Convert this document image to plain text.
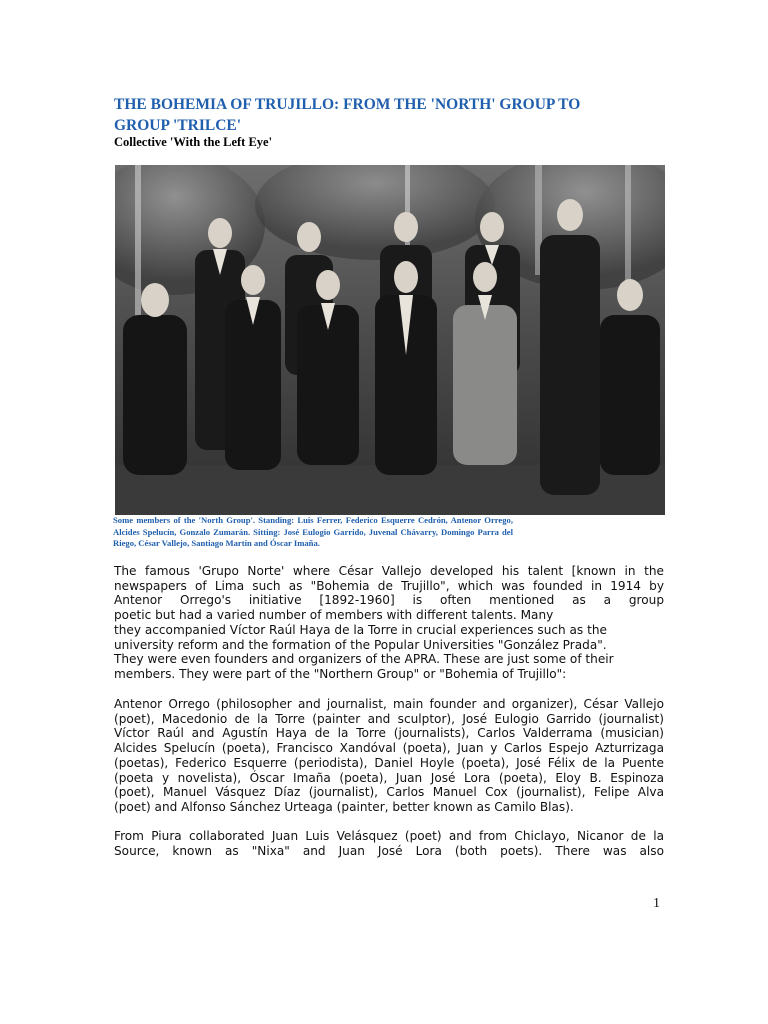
THE BOHEMIA OF TRUJILLO: FROM THE 'NORTH' GROUP TO GROUP 'TRILCE'
Collective 'With the Left Eye'
Some members of the 'North Group'. Standing: Luis Ferrer, Federico Esquerre Cedrón, Antenor Orrego, Alcides Spelucín, Gonzalo Zumarán. Sitting: José Eulogio Garrido, Juvenal Chávarry, Domingo Parra del Riego, César Vallejo, Santiago Martín and Óscar Imaña.
The famous 'Grupo Norte' where César Vallejo developed his talent [known in the
newspapers of Lima such as "Bohemia de Trujillo", which was founded in 1914 by
Antenor Orrego's initiative [1892-1960] is often mentioned as a group
poetic but had a varied number of members with different talents. Many
they accompanied Víctor Raúl Haya de la Torre in crucial experiences such as the
university reform and the formation of the Popular Universities "González Prada".
They were even founders and organizers of the APRA. These are just some of their
members. They were part of the "Northern Group" or "Bohemia of Trujillo":
Antenor Orrego (philosopher and journalist, main founder and organizer), César Vallejo
(poet), Macedonio de la Torre (painter and sculptor), José Eulogio Garrido (journalist)
Víctor Raúl and Agustín Haya de la Torre (journalists), Carlos Valderrama (musician)
Alcides Spelucín (poeta), Francisco Xandóval (poeta), Juan y Carlos Espejo Azturrizaga
(poetas), Federico Esquerre (periodista), Daniel Hoyle (poeta), José Félix de la Puente
(poeta y novelista), Óscar Imaña (poeta), Juan José Lora (poeta), Eloy B. Espinoza
(poet), Manuel Vásquez Díaz (journalist), Carlos Manuel Cox (journalist), Felipe Alva
(poet) and Alfonso Sánchez Urteaga (painter, better known as Camilo Blas).
From Piura collaborated Juan Luis Velásquez (poet) and from Chiclayo, Nicanor de la
Source, known as "Nixa" and Juan José Lora (both poets). There was also
1
